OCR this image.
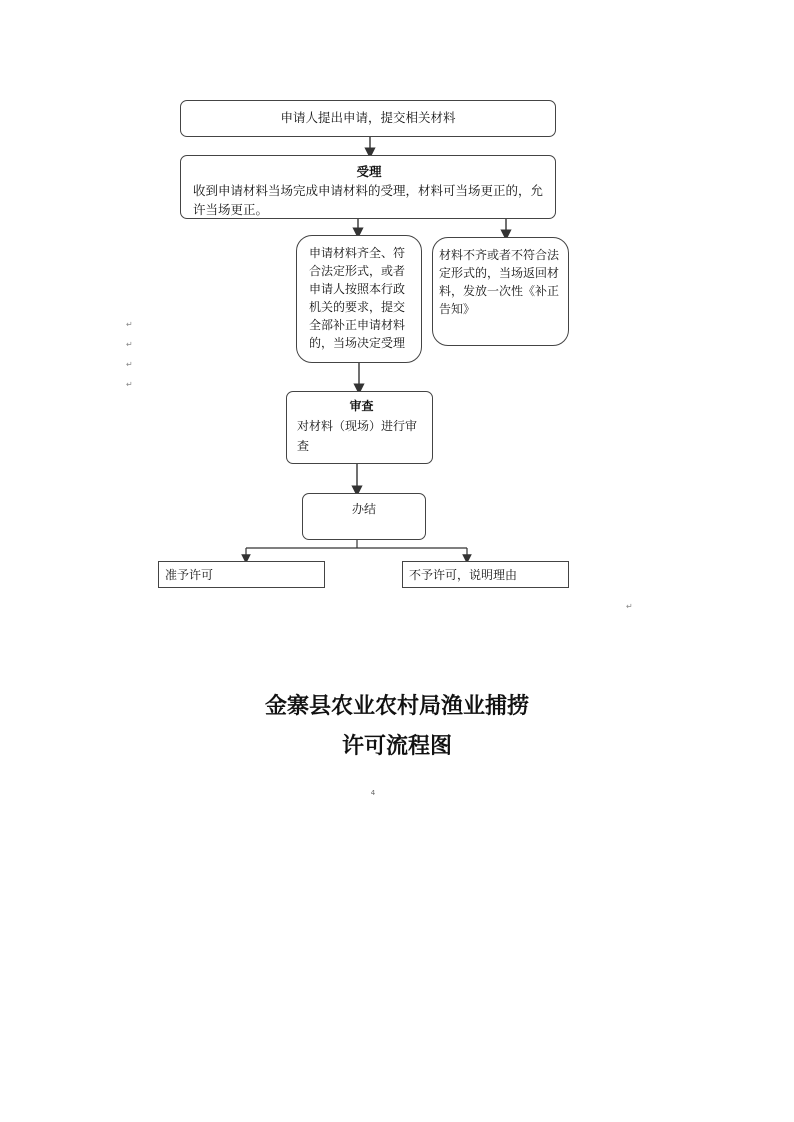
申请人提出申请，提交相关材料
受理
收到申请材料当场完成申请材料的受理，材料可当场更正的，允许当场更正。
申请材料齐全、符合法定形式，或者申请人按照本行政机关的要求，提交全部补正申请材料的，当场决定受理
材料不齐或者不符合法定形式的，当场返回材料，发放一次性《补正告知》
审查
对材料（现场）进行审查
办结
准予许可	不予许可，说明理由
↵
↵
↵
↵
↵
金寨县农业农村局渔业捕捞
许可流程图
4
